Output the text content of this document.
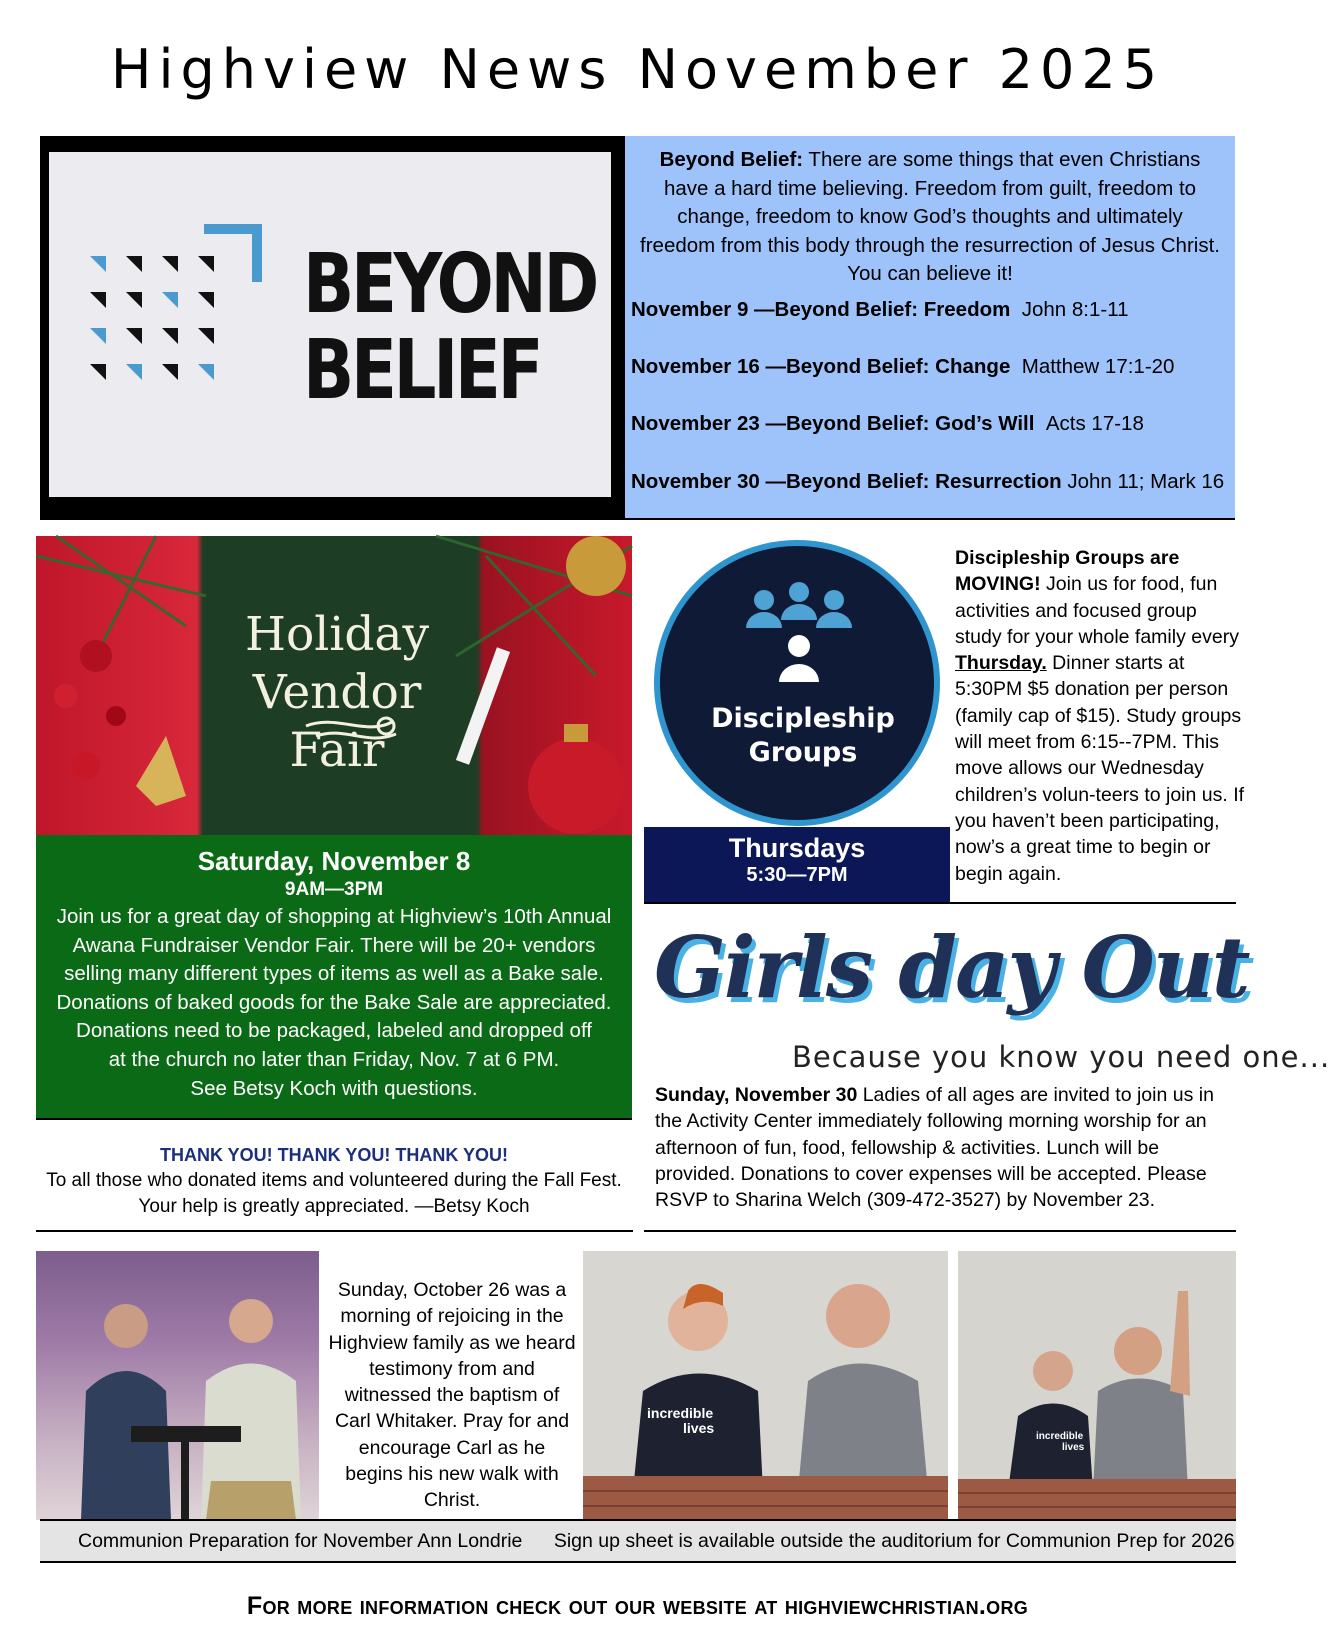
Highview News November 2025
BEYOND
BELIEF
Beyond Belief: There are some things that even Christians have a hard time believing. Freedom from guilt, freedom to change, freedom to know God’s thoughts and ultimately freedom from this body through the resurrection of Jesus Christ. You can believe it!
November 9 —Beyond Belief: Freedom John 8:1-11
November 16 —Beyond Belief: Change Matthew 17:1-20
November 23 —Beyond Belief: God’s Will Acts 17-18
November 30 —Beyond Belief: Resurrection John 11; Mark 16
Holiday
Vendor Fair
Saturday, November 8
9AM—3PM
Join us for a great day of shopping at Highview’s 10th Annual
Awana Fundraiser Vendor Fair. There will be 20+ vendors
selling many different types of items as well as a Bake sale.
Donations of baked goods for the Bake Sale are appreciated.
Donations need to be packaged, labeled and dropped off
at the church no later than Friday, Nov. 7 at 6 PM.
See Betsy Koch with questions.
THANK YOU! THANK YOU! THANK YOU!
To all those who donated items and volunteered during the Fall Fest.
Your help is greatly appreciated. —Betsy Koch
Discipleship
Groups
Thursdays
5:30—7PM
Discipleship Groups are MOVING! Join us for food, fun activities and focused group study for your whole family every Thursday. Dinner starts at 5:30PM $5 donation per person (family cap of $15). Study groups will meet from 6:15--7PM. This move allows our Wednesday children’s volun-teers to join us. If you haven’t been participating, now’s a great time to begin or begin again.
Girls day Out
Because you know you need one...
Sunday, November 30 Ladies of all ages are invited to join us in the Activity Center immediately following morning worship for an afternoon of fun, food, fellowship & activities. Lunch will be provided. Donations to cover expenses will be accepted. Please RSVP to Sharina Welch (309-472-3527) by November 23.
Sunday, October 26 was a morning of rejoicing in the Highview family as we heard testimony from and witnessed the baptism of Carl Whitaker. Pray for and encourage Carl as he begins his new walk with Christ.
incredible
lives
incredible
lives
Communion Preparation for November Ann Londrie Sign up sheet is available outside the auditorium for Communion Prep for 2026
For more information check out our website at highviewchristian.org
